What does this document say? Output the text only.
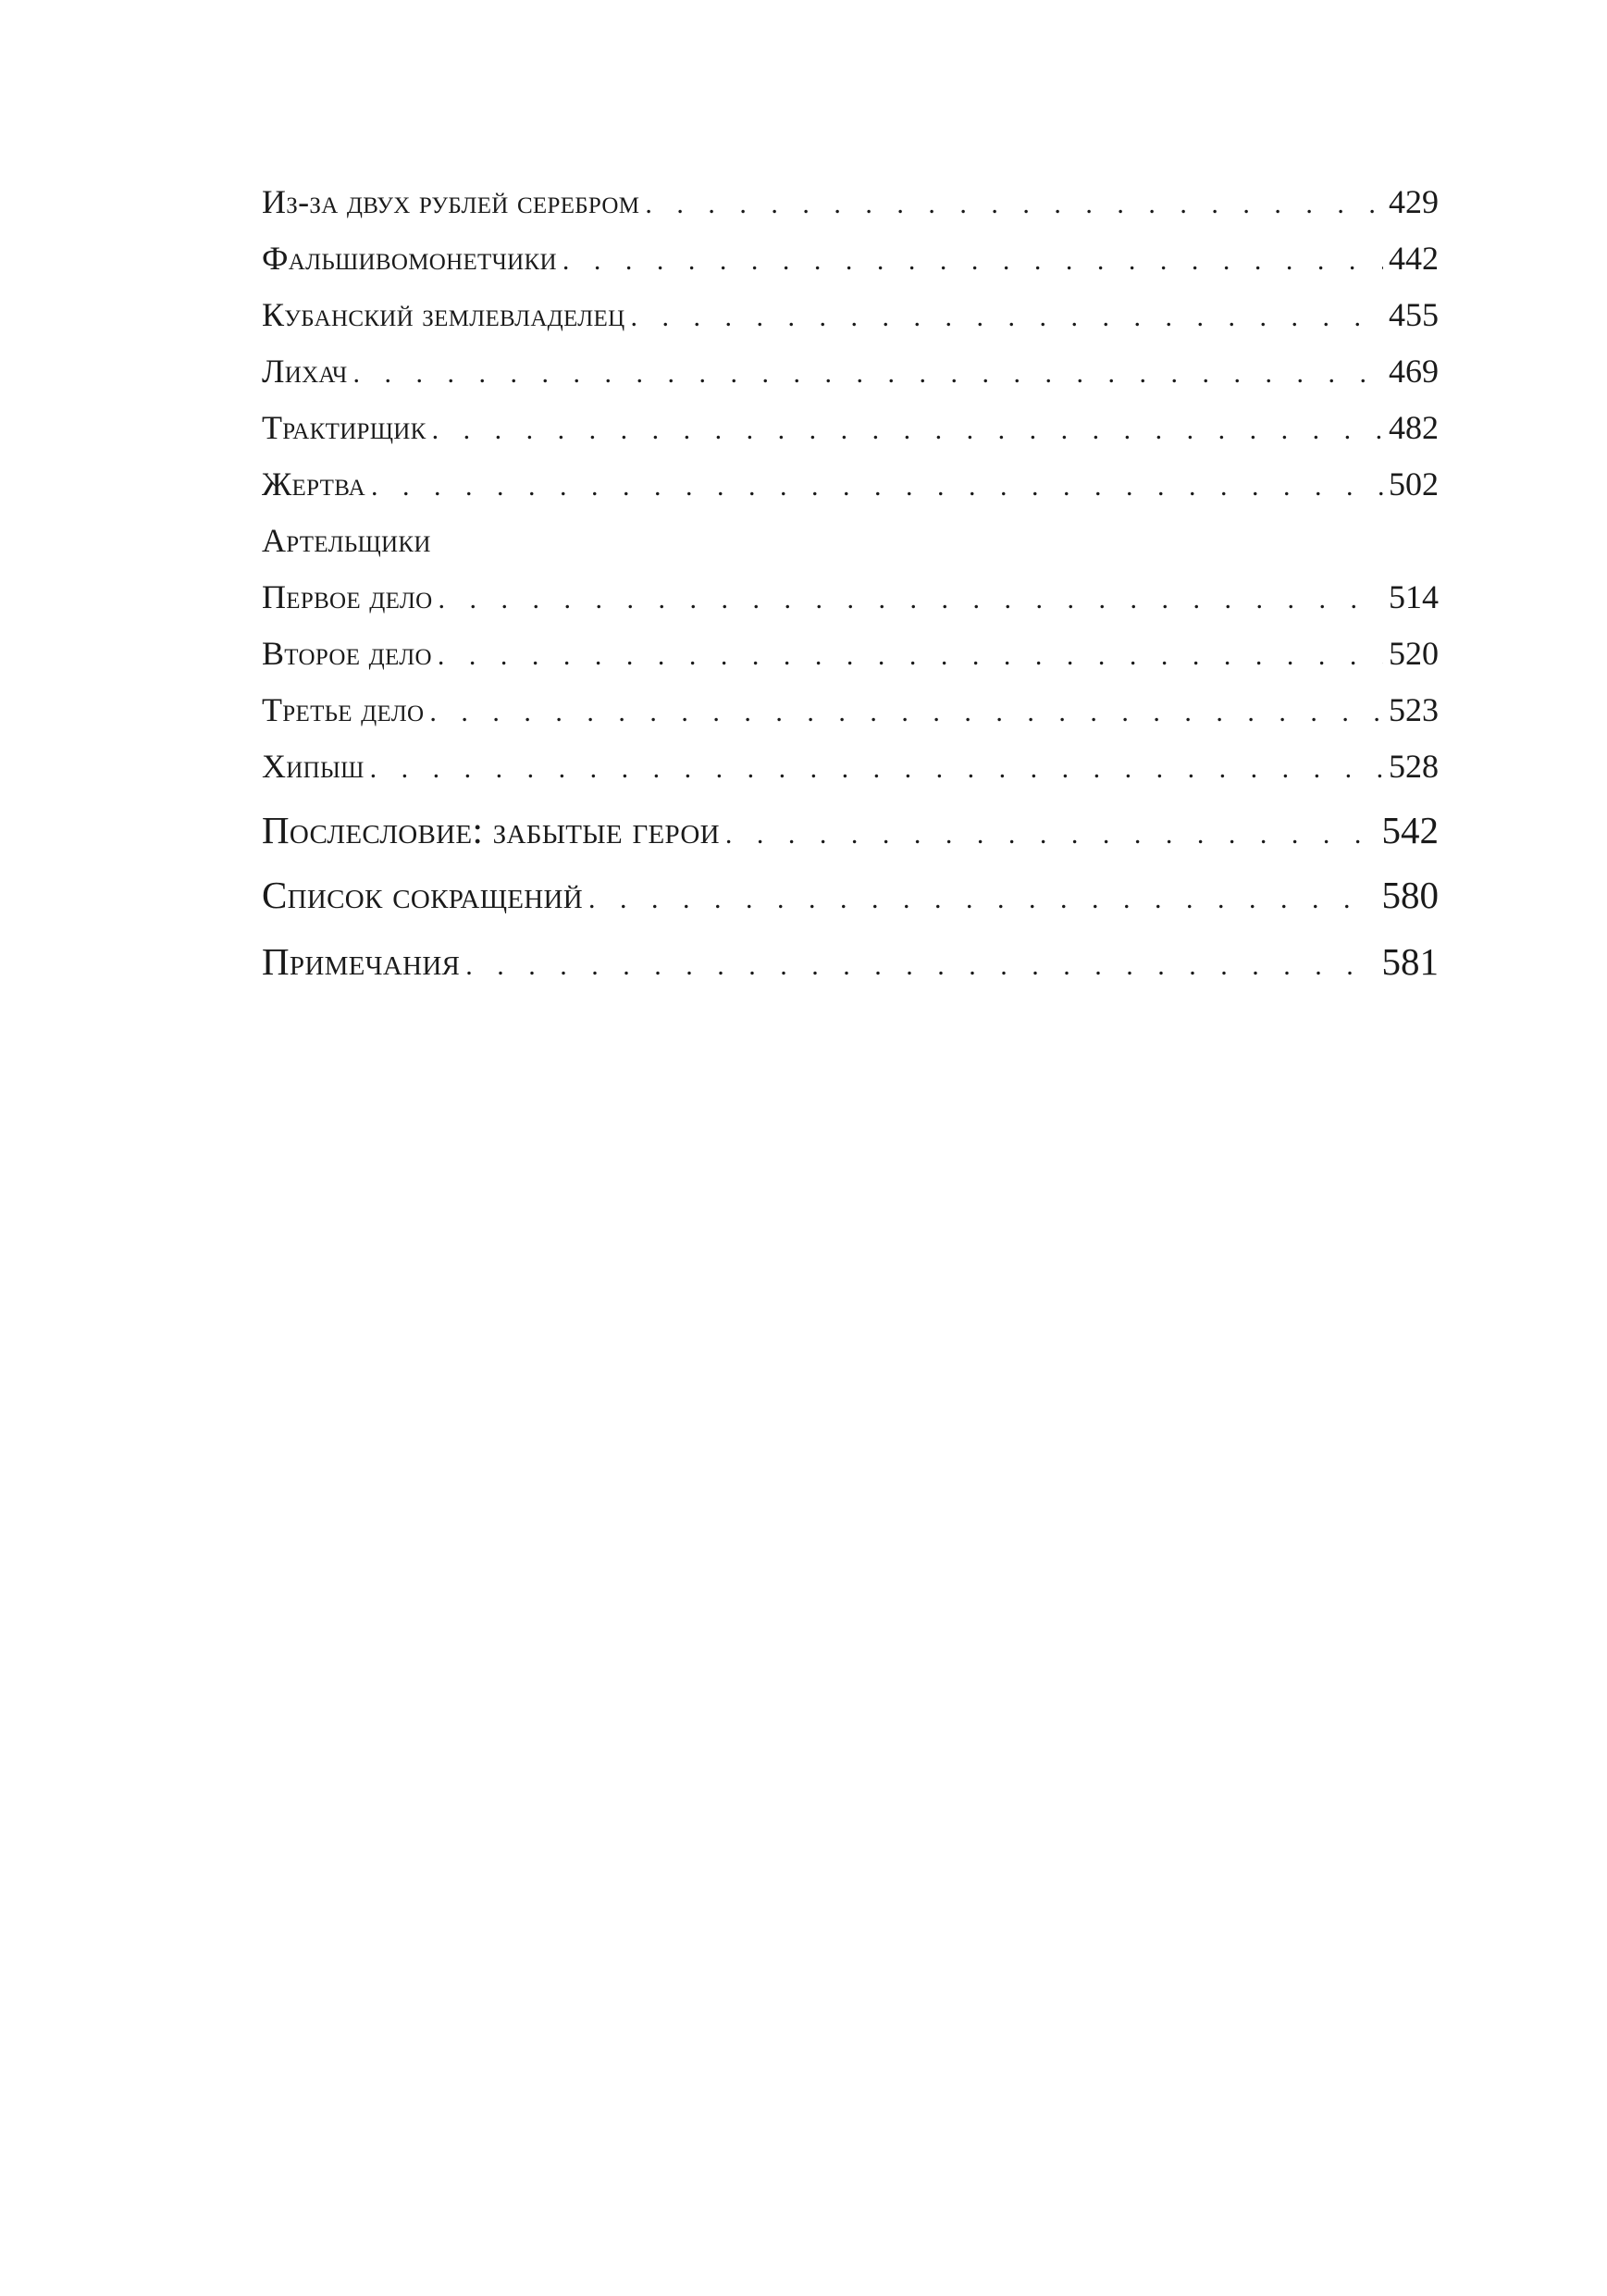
Из-за двух рублей серебром . . .	429
Фальшивомонетчики . . .	442
Кубанский землевладелец . . .	455
Лихач . . .	469
Трактирщик . . .	482
Жертва . . .	502
Артельщики
Первое дело . . .	514
Второе дело . . .	520
Третье дело . . .	523
Хипыш . . .	528
Послесловие: забытые герои . . .	542
Список сокращений . . .	580
Примечания . . .	581
